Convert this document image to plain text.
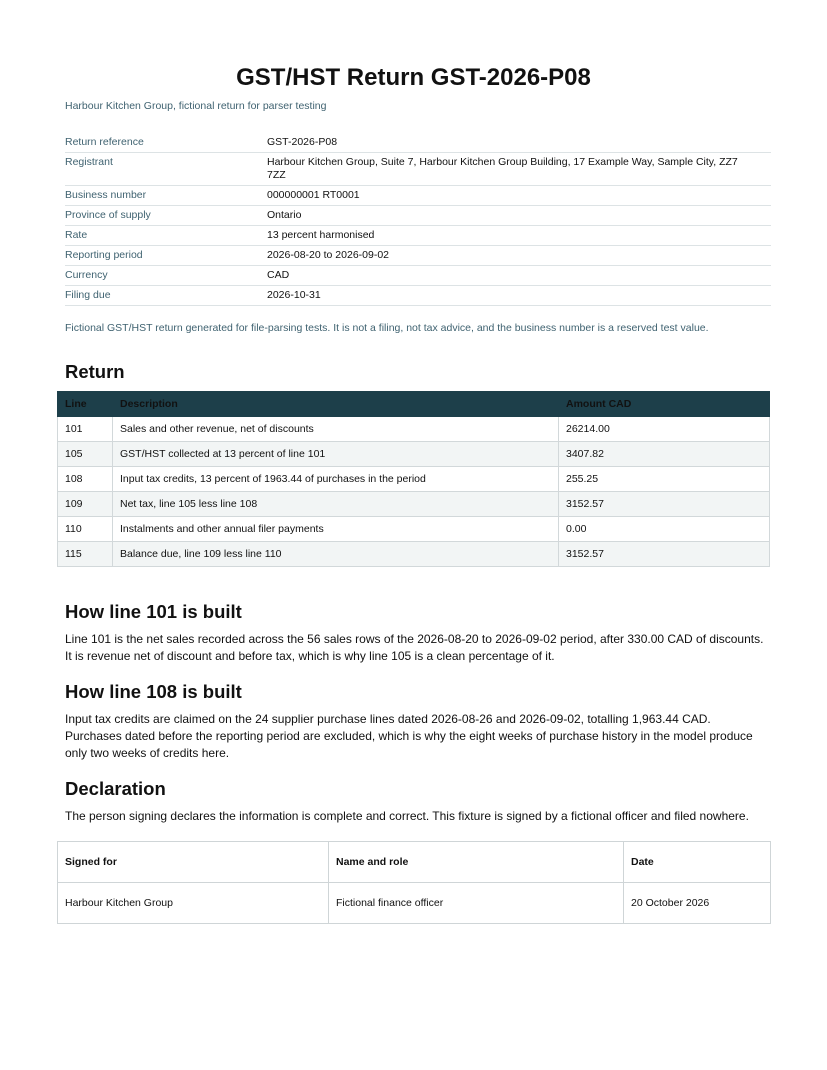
GST/HST Return GST-2026-P08
Harbour Kitchen Group, fictional return for parser testing
Return reference	GST-2026-P08
Registrant	Harbour Kitchen Group, Suite 7, Harbour Kitchen Group Building, 17 Example Way, Sample City, ZZ7 7ZZ
Business number	000000001 RT0001
Province of supply	Ontario
Rate	13 percent harmonised
Reporting period	2026-08-20 to 2026-09-02
Currency	CAD
Filing due	2026-10-31
Fictional GST/HST return generated for file-parsing tests. It is not a filing, not tax advice, and the business number is a reserved test value.
Return
Line	Description	Amount CAD
101	Sales and other revenue, net of discounts	26214.00
105	GST/HST collected at 13 percent of line 101	3407.82
108	Input tax credits, 13 percent of 1963.44 of purchases in the period	255.25
109	Net tax, line 105 less line 108	3152.57
110	Instalments and other annual filer payments	0.00
115	Balance due, line 109 less line 110	3152.57
How line 101 is built

Line 101 is the net sales recorded across the 56 sales rows of the 2026-08-20 to 2026-09-02 period, after 330.00 CAD of discounts. It is revenue net of discount and before tax, which is why line 105 is a clean percentage of it.

How line 108 is built

Input tax credits are claimed on the 24 supplier purchase lines dated 2026-08-26 and 2026-09-02, totalling 1,963.44 CAD. Purchases dated before the reporting period are excluded, which is why the eight weeks of purchase history in the model produce only two weeks of credits here.

Declaration

The person signing declares the information is complete and correct. This fixture is signed by a fictional officer and filed nowhere.

Signed for	Name and role	Date
Harbour Kitchen Group	Fictional finance officer	20 October 2026
